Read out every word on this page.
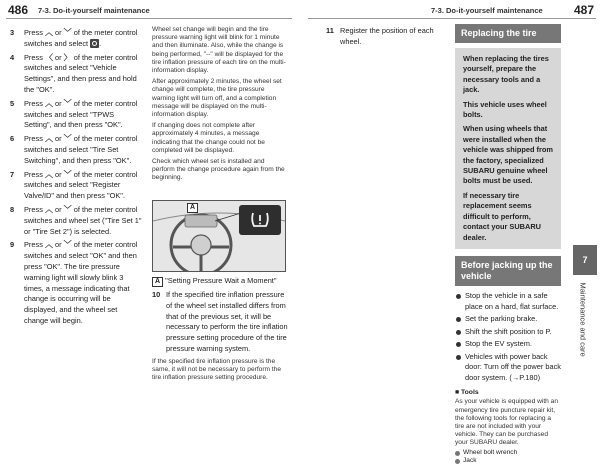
486 7-3. Do-it-yourself maintenance	7-3. Do-it-yourself maintenance	487
3 Press ︿ or ﹀ of the meter control switches and select .
4 Press 〈 or 〉 of the meter control switches and select "Vehicle Settings", and then press and hold the "OK".
5 Press ︿ or ﹀ of the meter control switches and select "TPWS Setting", and then press "OK".
6 Press ︿ or ﹀ of the meter control switches and select "Tire Set Switching", and then press "OK".
7 Press ︿ or ﹀ of the meter control switches and select "Register Valve/ID" and then press "OK".
8 Press ︿ or ﹀ of the meter control switches and wheel set ("Tire Set 1" or "Tire Set 2") is selected.
9 Press ︿ or ﹀ of the meter control switches and select "OK" and then press "OK". The tire pressure warning light will slowly blink 3 times, a message indicating that change is occurring will be displayed, and the wheel set change will begin.
Wheel set change will begin and the tire pressure warning light will blink for 1 minute and then illuminate. Also, while the change is being performed, "--" will be displayed for the tire inflation pressure of each tire on the multi-information display.
After approximately 2 minutes, the wheel set change will complete, the tire pressure warning light will turn off, and a completion message will be displayed on the multi-information display.
If changing does not complete after approximately 4 minutes, a message indicating that the change could not be completed will be displayed.
Check which wheel set is installed and perform the change procedure again from the beginning.
A
A "Setting Pressure Wait a Moment"
10 If the specified tire inflation pressure of the wheel set installed differs from that of the previous set, it will be necessary to perform the tire inflation pressure setting procedure of the tire pressure warning system.
If the specified tire inflation pressure is the same, it will not be necessary to perform the tire inflation pressure setting procedure.
11 Register the position of each wheel.
Replacing the tire

When replacing the tires yourself, prepare the necessary tools and a jack.

This vehicle uses wheel bolts.

When using wheels that were installed when the vehicle was shipped from the factory, specialized SUBARU genuine wheel bolts must be used.

If necessary tire replacement seems difficult to perform, contact your SUBARU dealer.

Before jacking up the vehicle
Stop the vehicle in a safe place on a hard, flat surface.
Set the parking brake.
Shift the shift position to P.
Stop the EV system.
Vehicles with power back door: Turn off the power back door system. (→P.180)
■ Tools
As your vehicle is equipped with an emergency tire puncture repair kit, the following tools for replacing a tire are not included with your vehicle. They can be purchased your SUBARU dealer.
Wheel bolt wrench
Jack
7
Maintenance and care
